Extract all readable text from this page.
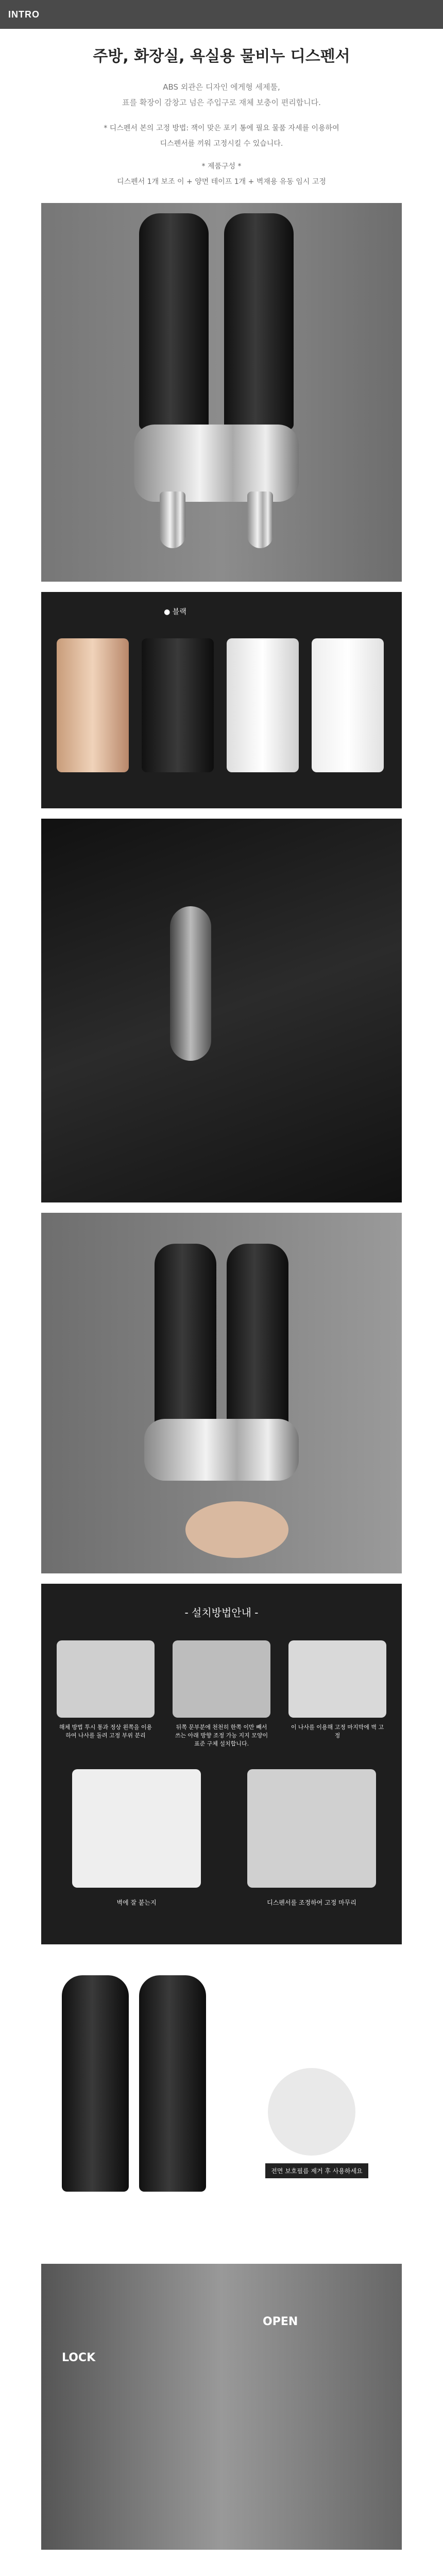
INTRO
주방, 화장실, 욕실용 물비누 디스펜서
ABS 외관은 디자인 에게형 세제툴,
표를 확장이 감창고 넘은 주입구로 재체 보충이 편리합니다.
* 디스펜서 본의 고정 방법: 잭이 맞은 포키 통에 필요 물품 자세를 이용하여
디스펜서를 끼워 고정시킬 수 있습니다.
* 제품구성 *
디스펜서 1개 보조 이 + 양면 테이프 1개 + 벽재용 유동 임시 고정
● 블랙
- 설치방법안내 -
해체 방법 투시 통과 정상 왼쪽을 이용하여 나사를 돌려 고정 부위 분리
뒤쪽 문부분에 천천히 한쪽 이만 빼서 쓰는 아래 방향 조정 가능 지지 모양이 표준 구체 설치합니다.
이 나사를 이용해 고정 마지막에 벽 고정
벽에 잘 붙는지	디스펜서를 조정하여 고정 마무리
전면 보호필름 제거 후 사용하세요
LOCK
OPEN
